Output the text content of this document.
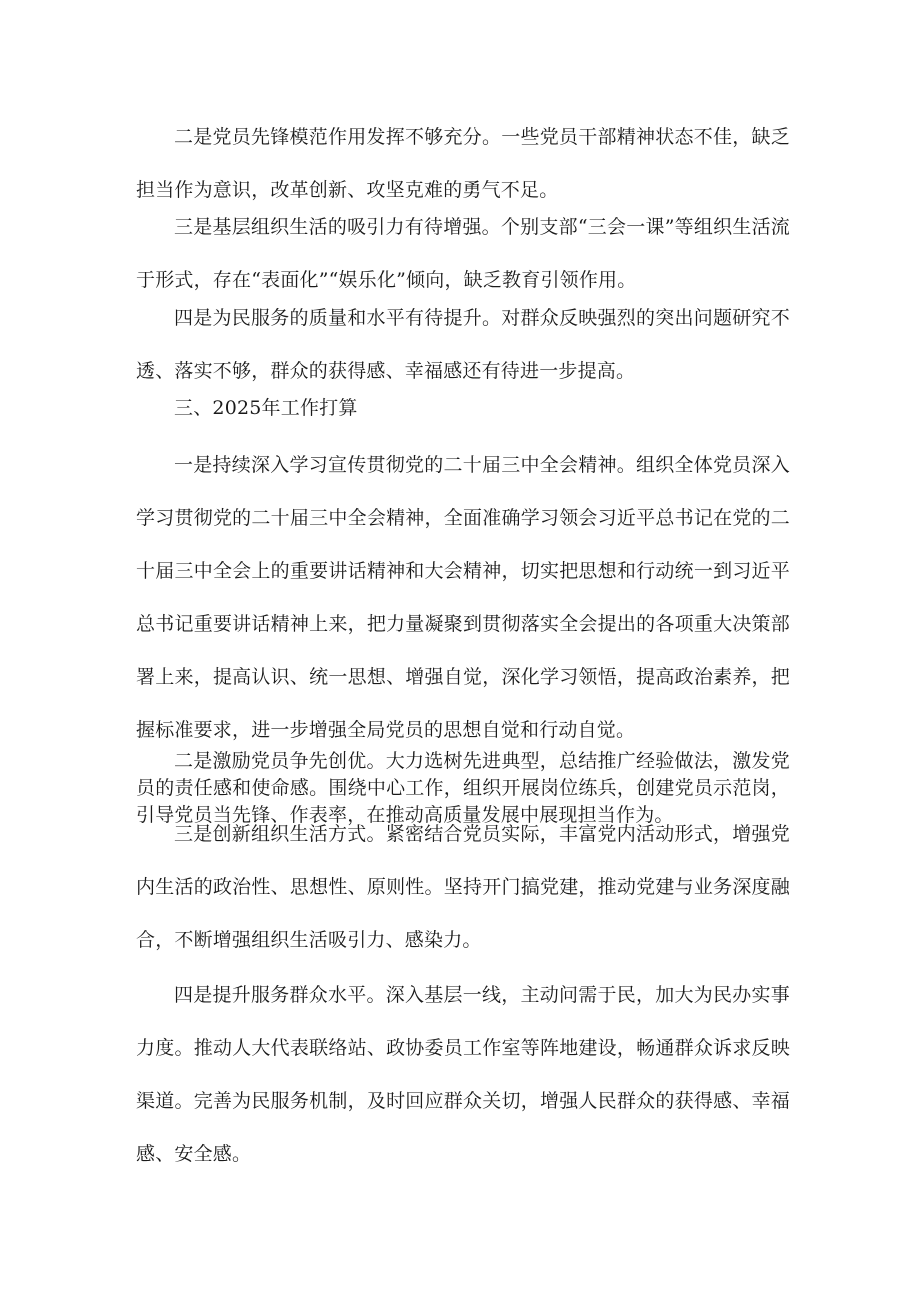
二是党员先锋模范作用发挥不够充分。一些党员干部精神状态不佳，缺乏担当作为意识，改革创新、攻坚克难的勇气不足。

三是基层组织生活的吸引力有待增强。个别支部“三会一课”等组织生活流于形式，存在“表面化”“娱乐化”倾向，缺乏教育引领作用。

四是为民服务的质量和水平有待提升。对群众反映强烈的突出问题研究不透、落实不够，群众的获得感、幸福感还有待进一步提高。

三、2025年工作打算

一是持续深入学习宣传贯彻党的二十届三中全会精神。组织全体党员深入学习贯彻党的二十届三中全会精神，全面准确学习领会习近平总书记在党的二十届三中全会上的重要讲话精神和大会精神，切实把思想和行动统一到习近平总书记重要讲话精神上来，把力量凝聚到贯彻落实全会提出的各项重大决策部署上来，提高认识、统一思想、增强自觉，深化学习领悟，提高政治素养，把握标准要求，进一步增强全局党员的思想自觉和行动自觉。

二是激励党员争先创优。大力选树先进典型，总结推广经验做法，激发党员的责任感和使命感。围绕中心工作，组织开展岗位练兵，创建党员示范岗，引导党员当先锋、作表率，在推动高质量发展中展现担当作为。

三是创新组织生活方式。紧密结合党员实际，丰富党内活动形式，增强党内生活的政治性、思想性、原则性。坚持开门搞党建，推动党建与业务深度融合，不断增强组织生活吸引力、感染力。

四是提升服务群众水平。深入基层一线，主动问需于民，加大为民办实事力度。推动人大代表联络站、政协委员工作室等阵地建设，畅通群众诉求反映渠道。完善为民服务机制，及时回应群众关切，增强人民群众的获得感、幸福感、安全感。
